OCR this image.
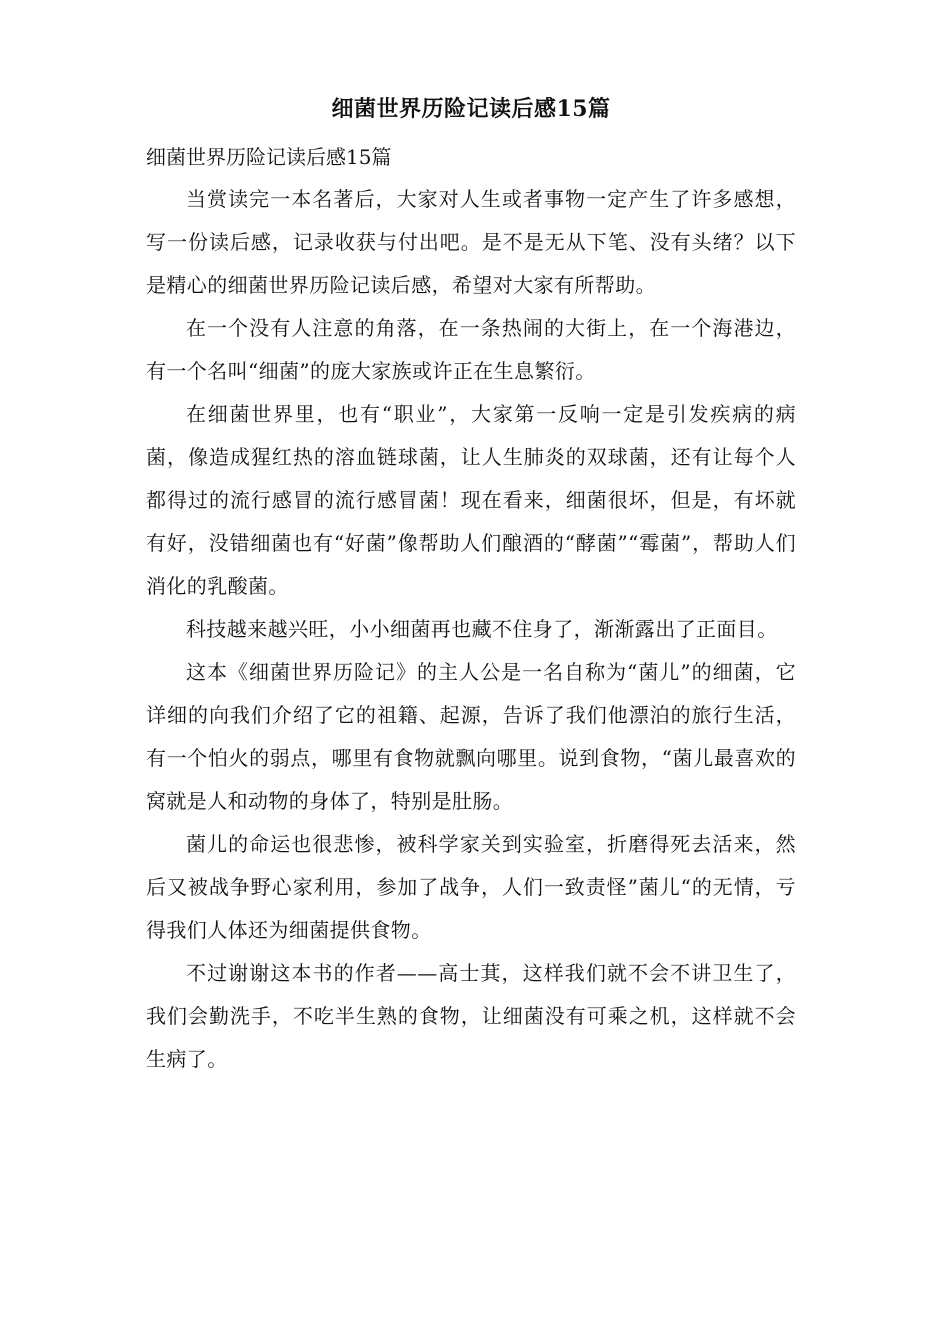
细菌世界历险记读后感15篇

细菌世界历险记读后感15篇

当赏读完一本名著后，大家对人生或者事物一定产生了许多感想，写一份读后感，记录收获与付出吧。是不是无从下笔、没有头绪？以下是精心的细菌世界历险记读后感，希望对大家有所帮助。

在一个没有人注意的角落，在一条热闹的大街上，在一个海港边，有一个名叫“细菌”的庞大家族或许正在生息繁衍。

在细菌世界里，也有“职业”，大家第一反响一定是引发疾病的病菌，像造成猩红热的溶血链球菌，让人生肺炎的双球菌，还有让每个人都得过的流行感冒的流行感冒菌！现在看来，细菌很坏，但是，有坏就有好，没错细菌也有“好菌”像帮助人们酿酒的“酵菌”“霉菌”，帮助人们消化的乳酸菌。

科技越来越兴旺，小小细菌再也藏不住身了，渐渐露出了正面目。

这本《细菌世界历险记》的主人公是一名自称为“菌儿”的细菌，它详细的向我们介绍了它的祖籍、起源，告诉了我们他漂泊的旅行生活，有一个怕火的弱点，哪里有食物就飘向哪里。说到食物，“菌儿最喜欢的窝就是人和动物的身体了，特别是肚肠。

菌儿的命运也很悲惨，被科学家关到实验室，折磨得死去活来，然后又被战争野心家利用，参加了战争，人们一致责怪”菌儿“的无情，亏得我们人体还为细菌提供食物。

不过谢谢这本书的作者——高士萁，这样我们就不会不讲卫生了，我们会勤洗手，不吃半生熟的食物，让细菌没有可乘之机，这样就不会生病了。
